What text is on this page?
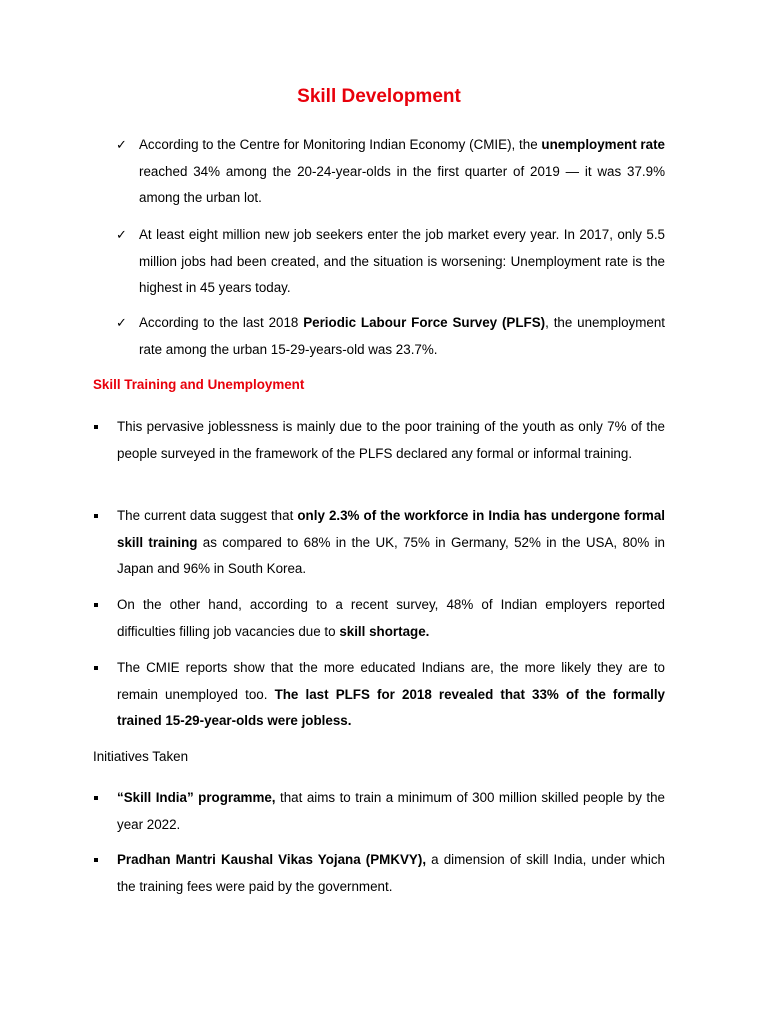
Skill Development
✓ According to the Centre for Monitoring Indian Economy (CMIE), the unemployment rate reached 34% among the 20-24-year-olds in the first quarter of 2019 — it was 37.9% among the urban lot.
✓ At least eight million new job seekers enter the job market every year. In 2017, only 5.5 million jobs had been created, and the situation is worsening: Unemployment rate is the highest in 45 years today.
✓ According to the last 2018 Periodic Labour Force Survey (PLFS), the unemployment rate among the urban 15-29-years-old was 23.7%.
Skill Training and Unemployment
This pervasive joblessness is mainly due to the poor training of the youth as only 7% of the people surveyed in the framework of the PLFS declared any formal or informal training.
The current data suggest that only 2.3% of the workforce in India has undergone formal skill training as compared to 68% in the UK, 75% in Germany, 52% in the USA, 80% in Japan and 96% in South Korea.
On the other hand, according to a recent survey, 48% of Indian employers reported difficulties filling job vacancies due to skill shortage.
The CMIE reports show that the more educated Indians are, the more likely they are to remain unemployed too. The last PLFS for 2018 revealed that 33% of the formally trained 15-29-year-olds were jobless.
Initiatives Taken
“Skill India” programme, that aims to train a minimum of 300 million skilled people by the year 2022.
Pradhan Mantri Kaushal Vikas Yojana (PMKVY), a dimension of skill India, under which the training fees were paid by the government.
